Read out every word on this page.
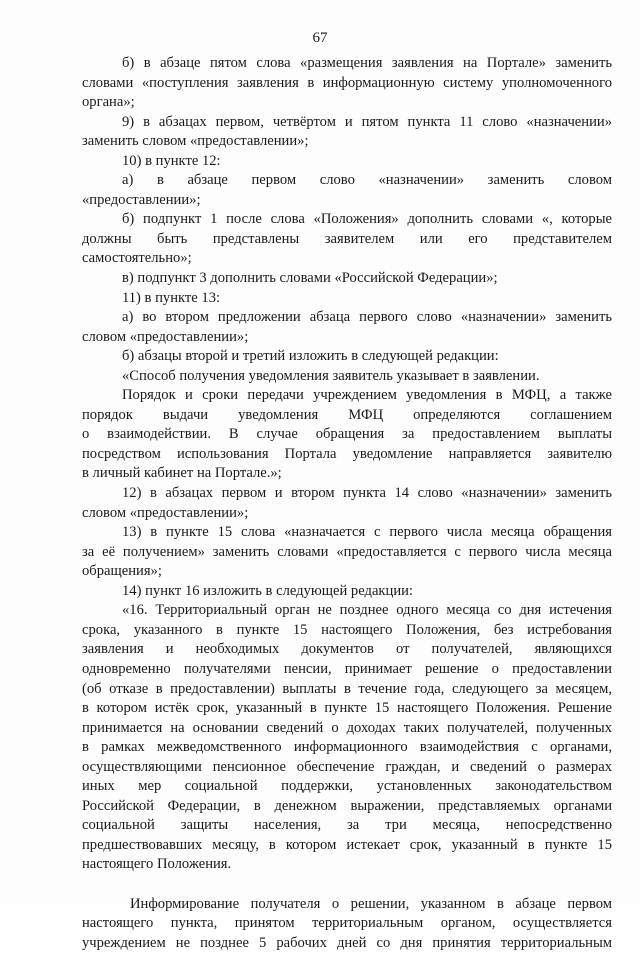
67
б) в абзаце пятом слова «размещения заявления на Портале» заменить
словами «поступления заявления в информационную систему уполномоченного
органа»;
9) в абзацах первом, четвёртом и пятом пункта 11 слово «назначении»
заменить словом «предоставлении»;
10) в пункте 12:
а) в абзаце первом слово «назначении» заменить словом
«предоставлении»;
б) подпункт 1 после слова «Положения» дополнить словами «, которые
должны быть представлены заявителем или его представителем
самостоятельно»;
в) подпункт 3 дополнить словами «Российской Федерации»;
11) в пункте 13:
а) во втором предложении абзаца первого слово «назначении» заменить
словом «предоставлении»;
б) абзацы второй и третий изложить в следующей редакции:
«Способ получения уведомления заявитель указывает в заявлении.
Порядок и сроки передачи учреждением уведомления в МФЦ, а также
порядок выдачи уведомления МФЦ определяются соглашением
о взаимодействии. В случае обращения за предоставлением выплаты
посредством использования Портала уведомление направляется заявителю
в личный кабинет на Портале.»;
12) в абзацах первом и втором пункта 14 слово «назначении» заменить
словом «предоставлении»;
13) в пункте 15 слова «назначается с первого числа месяца обращения
за её получением» заменить словами «предоставляется с первого числа месяца
обращения»;
14) пункт 16 изложить в следующей редакции:
«16. Территориальный орган не позднее одного месяца со дня истечения
срока, указанного в пункте 15 настоящего Положения, без истребования
заявления и необходимых документов от получателей, являющихся
одновременно получателями пенсии, принимает решение о предоставлении
(об отказе в предоставлении) выплаты в течение года, следующего за месяцем,
в котором истёк срок, указанный в пункте 15 настоящего Положения. Решение
принимается на основании сведений о доходах таких получателей, полученных
в рамках межведомственного информационного взаимодействия с органами,
осуществляющими пенсионное обеспечение граждан, и сведений о размерах
иных мер социальной поддержки, установленных законодательством
Российской Федерации, в денежном выражении, представляемых органами
социальной защиты населения, за три месяца, непосредственно
предшествовавших месяцу, в котором истекает срок, указанный в пункте 15
настоящего Положения.
Информирование получателя о решении, указанном в абзаце первом
настоящего пункта, принятом территориальным органом, осуществляется
учреждением не позднее 5 рабочих дней со дня принятия территориальным
